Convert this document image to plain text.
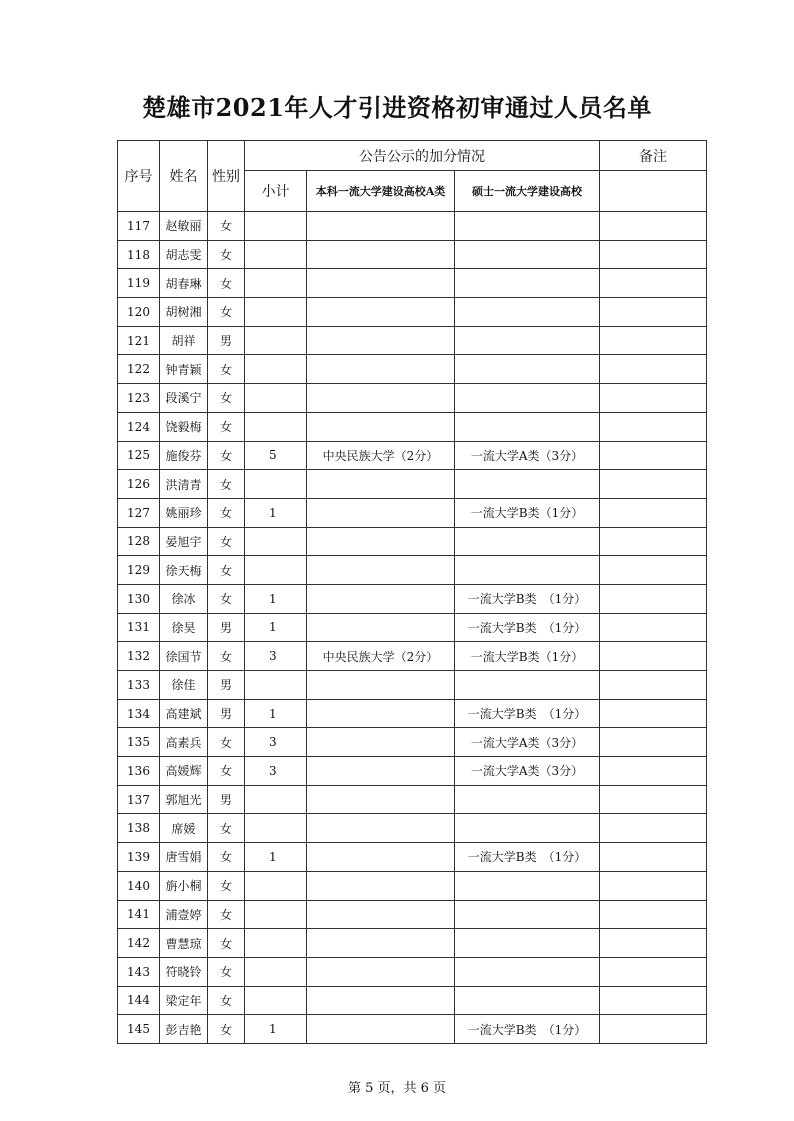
楚雄市2021年人才引进资格初审通过人员名单
序号	姓名	性别	公告公示的加分情况			备注
			小计	本科一流大学建设高校A类	硕士一流大学建设高校	
117	赵敏丽	女				
118	胡志雯	女				
119	胡春琳	女				
120	胡树湘	女				
121	胡祥	男				
122	钟青颖	女				
123	段溪宁	女				
124	饶毅梅	女				
125	施俊芬	女	5	中央民族大学（2分）	一流大学A类（3分）	
126	洪清青	女				
127	姚丽珍	女	1		一流大学B类（1分）	
128	晏旭宇	女				
129	徐天梅	女				
130	徐冰	女	1		一流大学B类　（1分）	
131	徐昊	男	1		一流大学B类　（1分）	
132	徐国节	女	3	中央民族大学（2分）	一流大学B类（1分）	
133	徐佳	男				
134	高建斌	男	1		一流大学B类　（1分）	
135	高素兵	女	3		一流大学A类（3分）	
136	高媛辉	女	3		一流大学A类（3分）	
137	郭旭光	男				
138	席媛	女				
139	唐雪娟	女	1		一流大学B类　（1分）	
140	旃小桐	女				
141	浦壹婷	女				
142	曹慧琼	女				
143	符晓铃	女				
144	梁定年	女				
145	彭吉艳	女	1		一流大学B类　（1分）	
第 5 页，共 6 页
